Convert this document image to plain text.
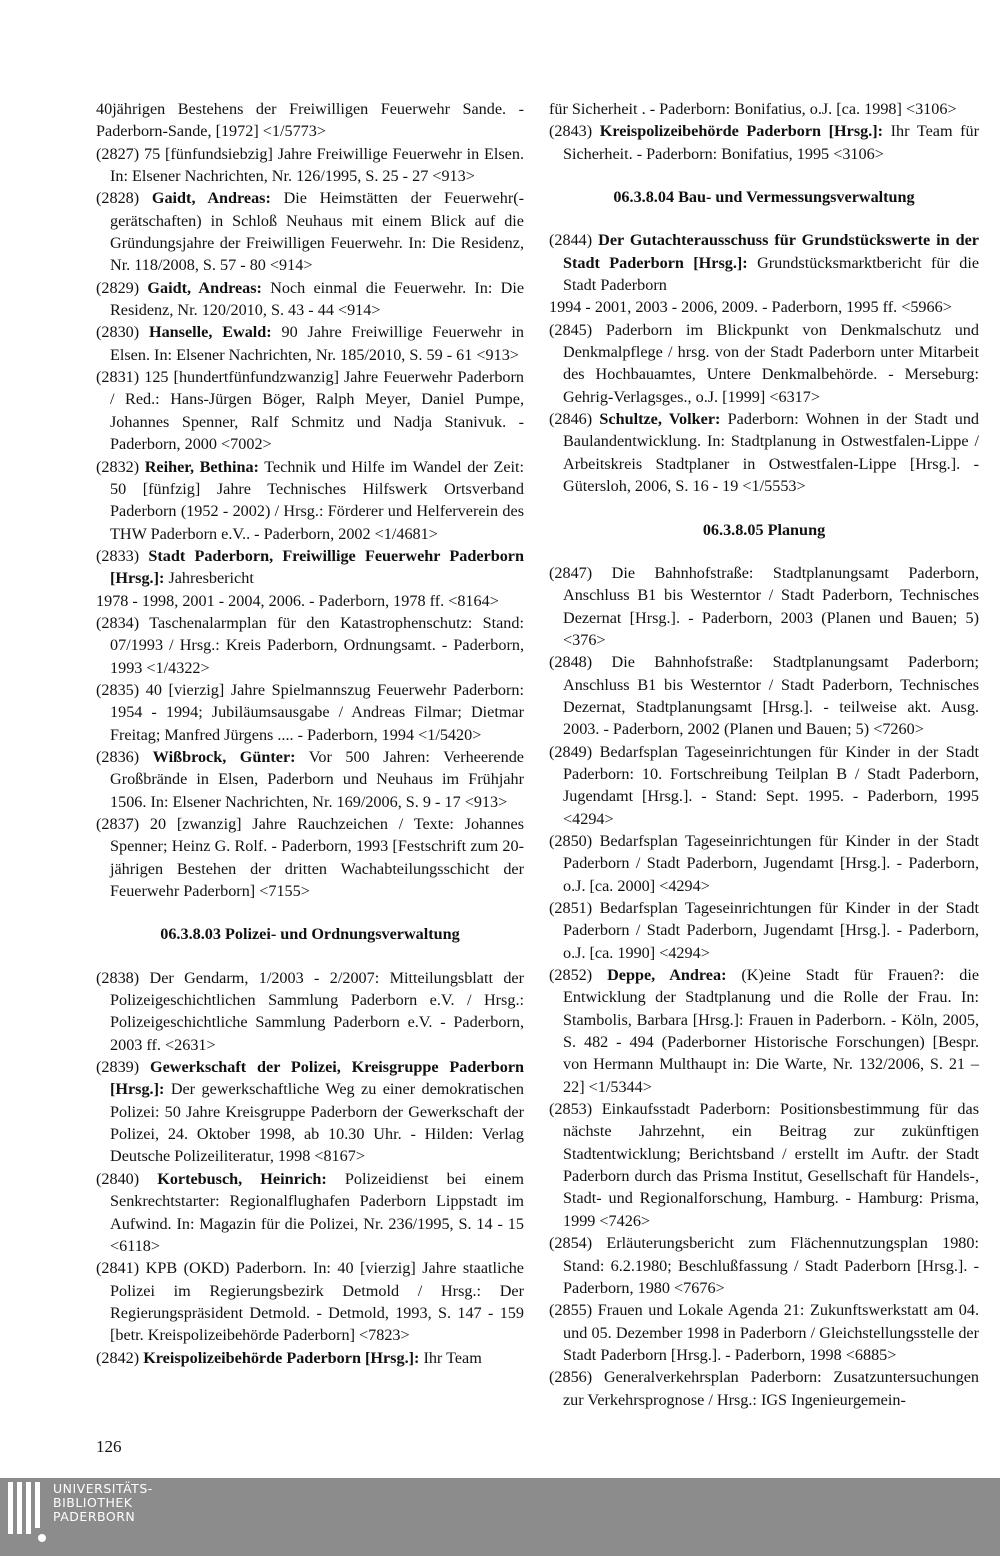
40jährigen Bestehens der Freiwilligen Feuerwehr Sande. - Paderborn-Sande, [1972] <1/5773>

(2827) 75 [fünfundsiebzig] Jahre Freiwillige Feuerwehr in Elsen. In: Elsener Nachrichten, Nr. 126/1995, S. 25 - 27 <913>

(2828) Gaidt, Andreas: Die Heimstätten der Feuerwehr(-gerätschaften) in Schloß Neuhaus mit einem Blick auf die Gründungsjahre der Freiwilligen Feuerwehr. In: Die Residenz, Nr. 118/2008, S. 57 - 80 <914>

(2829) Gaidt, Andreas: Noch einmal die Feuerwehr. In: Die Residenz, Nr. 120/2010, S. 43 - 44 <914>

(2830) Hanselle, Ewald: 90 Jahre Freiwillige Feuerwehr in Elsen. In: Elsener Nachrichten, Nr. 185/2010, S. 59 - 61 <913>

(2831) 125 [hundertfünfundzwanzig] Jahre Feuerwehr Paderborn / Red.: Hans-Jürgen Böger, Ralph Meyer, Daniel Pumpe, Johannes Spenner, Ralf Schmitz und Nadja Stanivuk. - Paderborn, 2000 <7002>

(2832) Reiher, Bethina: Technik und Hilfe im Wandel der Zeit: 50 [fünfzig] Jahre Technisches Hilfswerk Ortsverband Paderborn (1952 - 2002) / Hrsg.: Förderer und Helferverein des THW Paderborn e.V.. - Paderborn, 2002 <1/4681>

(2833) Stadt Paderborn, Freiwillige Feuerwehr Paderborn [Hrsg.]: Jahresbericht

1978 - 1998, 2001 - 2004, 2006. - Paderborn, 1978 ff. <8164>

(2834) Taschenalarmplan für den Katastrophenschutz: Stand: 07/1993 / Hrsg.: Kreis Paderborn, Ordnungsamt. - Paderborn, 1993 <1/4322>

(2835) 40 [vierzig] Jahre Spielmannszug Feuerwehr Paderborn: 1954 - 1994; Jubiläumsausgabe / Andreas Filmar; Dietmar Freitag; Manfred Jürgens .... - Paderborn, 1994 <1/5420>

(2836) Wißbrock, Günter: Vor 500 Jahren: Verheerende Großbrände in Elsen, Paderborn und Neuhaus im Frühjahr 1506. In: Elsener Nachrichten, Nr. 169/2006, S. 9 - 17 <913>

(2837) 20 [zwanzig] Jahre Rauchzeichen / Texte: Johannes Spenner; Heinz G. Rolf. - Paderborn, 1993 [Festschrift zum 20-jährigen Bestehen der dritten Wachabteilungsschicht der Feuerwehr Paderborn] <7155>

06.3.8.03 Polizei- und Ordnungsverwaltung

(2838) Der Gendarm, 1/2003 - 2/2007: Mitteilungsblatt der Polizeigeschichtlichen Sammlung Paderborn e.V. / Hrsg.: Polizeigeschichtliche Sammlung Paderborn e.V. - Paderborn, 2003 ff. <2631>

(2839) Gewerkschaft der Polizei, Kreisgruppe Paderborn [Hrsg.]: Der gewerkschaftliche Weg zu einer demokratischen Polizei: 50 Jahre Kreisgruppe Paderborn der Gewerkschaft der Polizei, 24. Oktober 1998, ab 10.30 Uhr. - Hilden: Verlag Deutsche Polizeiliteratur, 1998 <8167>

(2840) Kortebusch, Heinrich: Polizeidienst bei einem Senkrechtstarter: Regionalflughafen Paderborn Lippstadt im Aufwind. In: Magazin für die Polizei, Nr. 236/1995, S. 14 - 15 <6118>

(2841) KPB (OKD) Paderborn. In: 40 [vierzig] Jahre staatliche Polizei im Regierungsbezirk Detmold / Hrsg.: Der Regierungspräsident Detmold. - Detmold, 1993, S. 147 - 159 [betr. Kreispolizeibehörde Paderborn] <7823>

(2842) Kreispolizeibehörde Paderborn [Hrsg.]: Ihr Team

für Sicherheit . - Paderborn: Bonifatius, o.J. [ca. 1998] <3106>

(2843) Kreispolizeibehörde Paderborn [Hrsg.]: Ihr Team für Sicherheit. - Paderborn: Bonifatius, 1995 <3106>

06.3.8.04 Bau- und Vermessungsverwaltung

(2844) Der Gutachterausschuss für Grundstückswerte in der Stadt Paderborn [Hrsg.]: Grundstücksmarktbericht für die Stadt Paderborn

1994 - 2001, 2003 - 2006, 2009. - Paderborn, 1995 ff. <5966>

(2845) Paderborn im Blickpunkt von Denkmalschutz und Denkmalpflege / hrsg. von der Stadt Paderborn unter Mitarbeit des Hochbauamtes, Untere Denkmalbehörde. - Merseburg: Gehrig-Verlagsges., o.J. [1999] <6317>

(2846) Schultze, Volker: Paderborn: Wohnen in der Stadt und Baulandentwicklung. In: Stadtplanung in Ostwestfalen-Lippe / Arbeitskreis Stadtplaner in Ostwestfalen-Lippe [Hrsg.]. - Gütersloh, 2006, S. 16 - 19 <1/5553>

06.3.8.05 Planung

(2847) Die Bahnhofstraße: Stadtplanungsamt Paderborn, Anschluss B1 bis Westerntor / Stadt Paderborn, Technisches Dezernat [Hrsg.]. - Paderborn, 2003 (Planen und Bauen; 5) <376>

(2848) Die Bahnhofstraße: Stadtplanungsamt Paderborn; Anschluss B1 bis Westerntor / Stadt Paderborn, Technisches Dezernat, Stadtplanungsamt [Hrsg.]. - teilweise akt. Ausg. 2003. - Paderborn, 2002 (Planen und Bauen; 5) <7260>

(2849) Bedarfsplan Tageseinrichtungen für Kinder in der Stadt Paderborn: 10. Fortschreibung Teilplan B / Stadt Paderborn, Jugendamt [Hrsg.]. - Stand: Sept. 1995. - Paderborn, 1995 <4294>

(2850) Bedarfsplan Tageseinrichtungen für Kinder in der Stadt Paderborn / Stadt Paderborn, Jugendamt [Hrsg.]. - Paderborn, o.J. [ca. 2000] <4294>

(2851) Bedarfsplan Tageseinrichtungen für Kinder in der Stadt Paderborn / Stadt Paderborn, Jugendamt [Hrsg.]. - Paderborn, o.J. [ca. 1990] <4294>

(2852) Deppe, Andrea: (K)eine Stadt für Frauen?: die Entwicklung der Stadtplanung und die Rolle der Frau. In: Stambolis, Barbara [Hrsg.]: Frauen in Paderborn. - Köln, 2005, S. 482 - 494 (Paderborner Historische Forschungen) [Bespr. von Hermann Multhaupt in: Die Warte, Nr. 132/2006, S. 21 – 22] <1/5344>

(2853) Einkaufsstadt Paderborn: Positionsbestimmung für das nächste Jahrzehnt, ein Beitrag zur zukünftigen Stadtentwicklung; Berichtsband / erstellt im Auftr. der Stadt Paderborn durch das Prisma Institut, Gesellschaft für Handels-, Stadt- und Regionalforschung, Hamburg. - Hamburg: Prisma, 1999 <7426>

(2854) Erläuterungsbericht zum Flächennutzungsplan 1980: Stand: 6.2.1980; Beschlußfassung / Stadt Paderborn [Hrsg.]. - Paderborn, 1980 <7676>

(2855) Frauen und Lokale Agenda 21: Zukunftswerkstatt am 04. und 05. Dezember 1998 in Paderborn / Gleichstellungsstelle der Stadt Paderborn [Hrsg.]. - Paderborn, 1998 <6885>

(2856) Generalverkehrsplan Paderborn: Zusatzuntersuchungen zur Verkehrsprognose / Hrsg.: IGS Ingenieurgemein-

126
UNIVERSITÄTS-
BIBLIOTHEK
PADERBORN
